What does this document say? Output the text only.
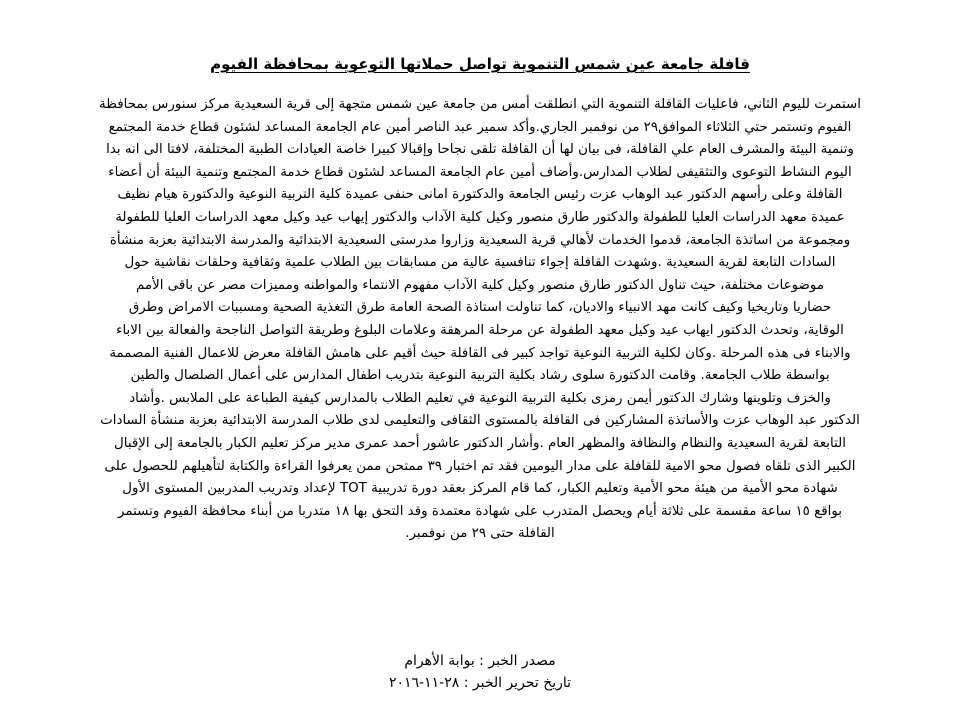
قافلة جامعة عين شمس التنموية تواصل حملاتها التوعوية بمحافظة الفيوم
استمرت لليوم الثاني، فاعليات القافلة التنموية التي انطلقت أمس من جامعة عين شمس متجهة إلى قرية السعيدية مركز سنورس بمحافظة
الفيوم وتستمر حتي الثلاثاء الموافق٢٩ من نوفمبر الجاري.وأكد سمير عبد الناصر أمين عام الجامعة المساعد لشئون قطاع خدمة المجتمع
وتنمية البيئة والمشرف العام علي القافلة، فى بيان لها أن القافلة تلقى نجاحا وإقبالا كبيرا خاصة العيادات الطبية المختلفة، لافتا الى انه بدا
اليوم النشاط التوعوى والتثقيفى لطلاب المدارس.وأضاف أمين عام الجامعة المساعد لشئون قطاع خدمة المجتمع وتنمية البيئة أن أعضاء
القافلة وعلى رأسهم الدكتور عبد الوهاب عزت رئيس الجامعة والدكتورة امانى حنفى عميدة كلية التربية النوعية والدكتورة هيام نظيف
عميدة معهد الدراسات العليا للطفولة والدكتور طارق منصور وكيل كلية الآداب والدكتور إيهاب عيد وكيل معهد الدراسات العليا للطفولة
ومجموعة من اساتذة الجامعة، قدموا الخدمات لأهالي قرية السعيدية وزاروا مدرستى السعيدية الابتدائية والمدرسة الابتدائية بعزبة منشأة
السادات التابعة لقرية السعيدية .وشهدت القافلة إجواء تنافسية عالية من مسابقات بين الطلاب علمية وثقافية وحلقات نقاشية حول
موضوعات مختلفة، حيث تناول الدكتور طارق منصور وكيل كلية الآداب مفهوم الانتماء والمواطنه ومميزات مصر عن باقى الأمم
حضاريا وتاريخيا وكيف كانت مهد الانبياء والاديان، كما تناولت استاذة الصحة العامة طرق التغذية الصحية ومسببات الامراض وطرق
الوقاية، وتحدث الدكتور ايهاب عيد وكيل معهد الطفولة عن مرحلة المرهقة وعلامات البلوغ وطريقة التواصل الناجحة والفعالة بين الاباء
والابناء فى هذه المرحلة .وكان لكلية التربية النوعية تواجد كبير فى القافلة حيث أقيم على هامش القافلة معرض للاعمال الفنية المصممة
بواسطة طلاب الجامعة. وقامت الدكتورة سلوى رشاد بكلية التربية النوعية بتدريب اطفال المدارس على أعمال الصلصال والطين
والخزف وتلوينها وشارك الدكتور أيمن رمزى بكلية التربية النوعية في تعليم الطلاب بالمدارس كيفية الطباعة على الملابس .وأشاد
الدكتور عبد الوهاب عزت والأساتذة المشاركين فى القافلة بالمستوى الثقافى والتعليمى لدى طلاب المدرسة الابتدائية بعزبة منشأة السادات
التابعة لقرية السعيدية والنظام والنظافة والمظهر العام .وأشار الدكتور عاشور أحمد عمرى مدير مركز تعليم الكبار بالجامعة إلى الإقبال
الكبير الذى تلقاه فصول محو الامية للقافلة على مدار اليومين فقد تم اختبار ٣٩ ممتحن ممن يعرفوا القراءة والكتابة لتأهيلهم للحصول على
شهادة محو الأمية من هيئة محو الأمية وتعليم الكبار، كما قام المركز بعقد دورة تدريبية TOT لإعداد وتدريب المدربين المستوى الأول
بواقع ١٥ ساعة مقسمة على ثلاثة أيام ويحصل المتدرب على شهادة معتمدة وقد التحق بها ١٨ متدربا من أبناء محافظة الفيوم وتستمر
القافلة حتى ٢٩ من نوفمبر.
مصدر الخبر : بوابة الأهرام
تاريخ تحرير الخبر : ٢٨-١١-٢٠١٦
